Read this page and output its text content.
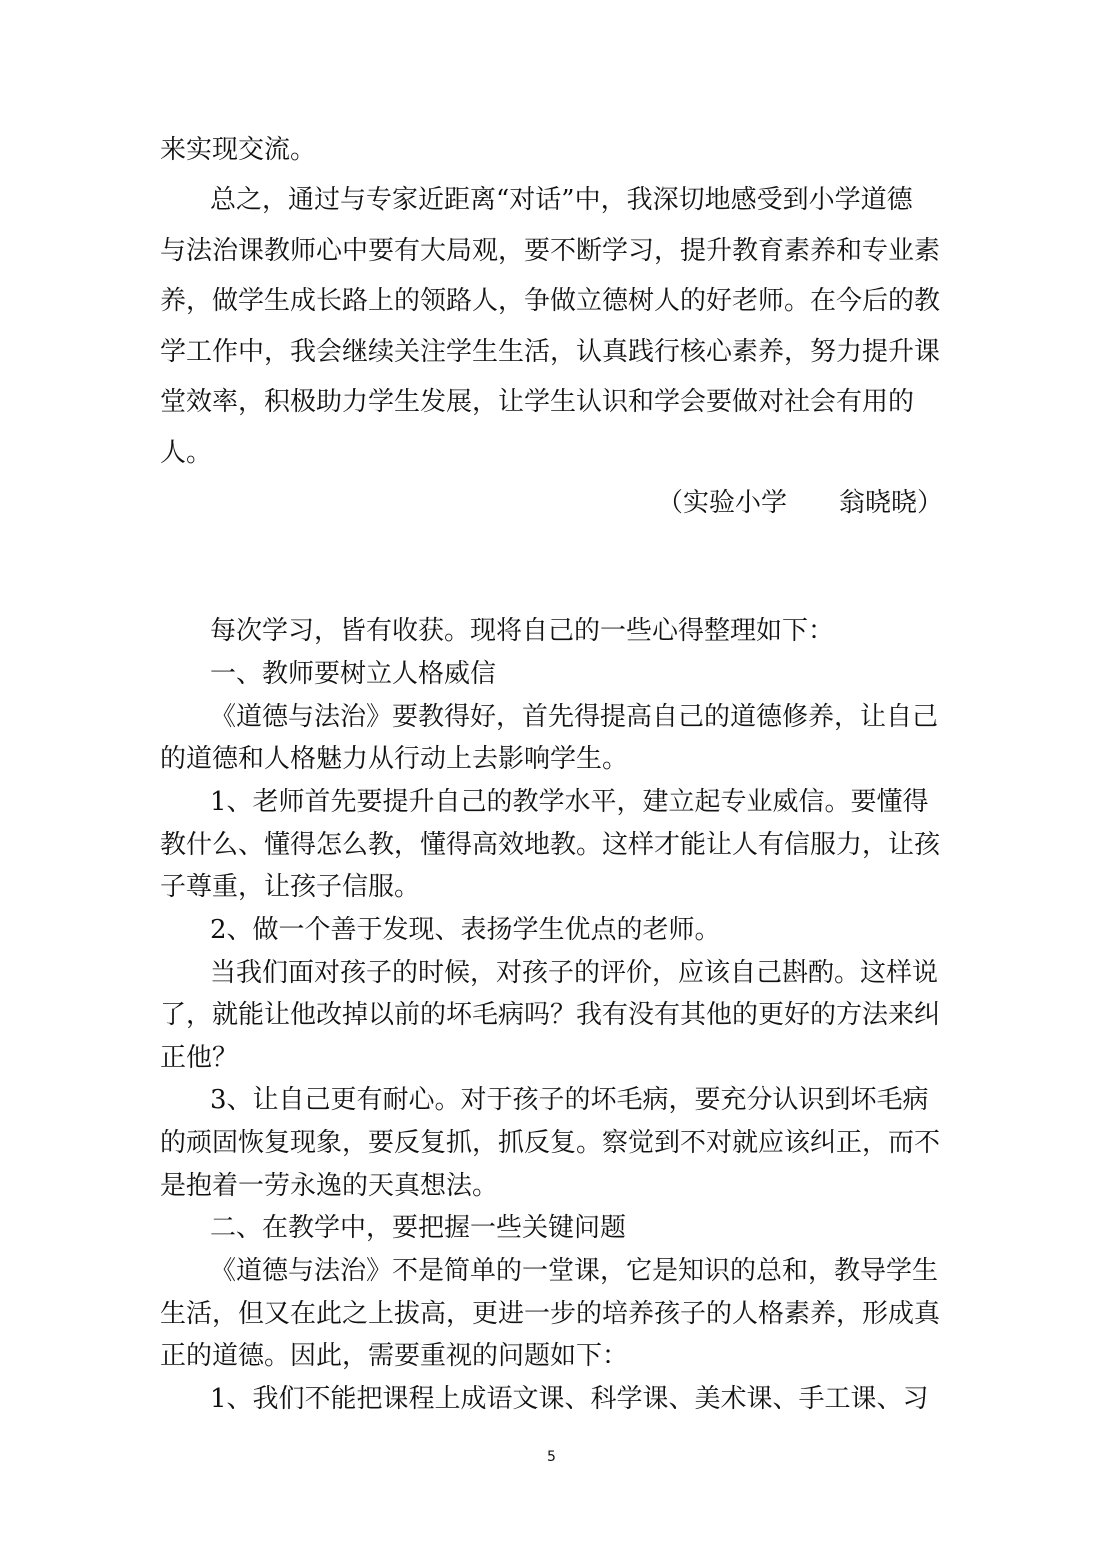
来实现交流。
总之，通过与专家近距离“对话”中，我深切地感受到小学道德
与法治课教师心中要有大局观，要不断学习，提升教育素养和专业素
养，做学生成长路上的领路人，争做立德树人的好老师。在今后的教
学工作中，我会继续关注学生生活，认真践行核心素养，努力提升课
堂效率，积极助力学生发展，让学生认识和学会要做对社会有用的
人。
（实验小学　　翁晓晓）
每次学习，皆有收获。现将自己的一些心得整理如下：
一、教师要树立人格威信
《道德与法治》要教得好，首先得提高自己的道德修养，让自己
的道德和人格魅力从行动上去影响学生。
1、老师首先要提升自己的教学水平，建立起专业威信。要懂得
教什么、懂得怎么教，懂得高效地教。这样才能让人有信服力，让孩
子尊重，让孩子信服。
2、做一个善于发现、表扬学生优点的老师。
当我们面对孩子的时候，对孩子的评价，应该自己斟酌。这样说
了，就能让他改掉以前的坏毛病吗？我有没有其他的更好的方法来纠
正他？
3、让自己更有耐心。对于孩子的坏毛病，要充分认识到坏毛病
的顽固恢复现象，要反复抓，抓反复。察觉到不对就应该纠正，而不
是抱着一劳永逸的天真想法。
二、在教学中，要把握一些关键问题
《道德与法治》不是简单的一堂课，它是知识的总和，教导学生
生活，但又在此之上拔高，更进一步的培养孩子的人格素养，形成真
正的道德。因此，需要重视的问题如下：
1、我们不能把课程上成语文课、科学课、美术课、手工课、习
5
